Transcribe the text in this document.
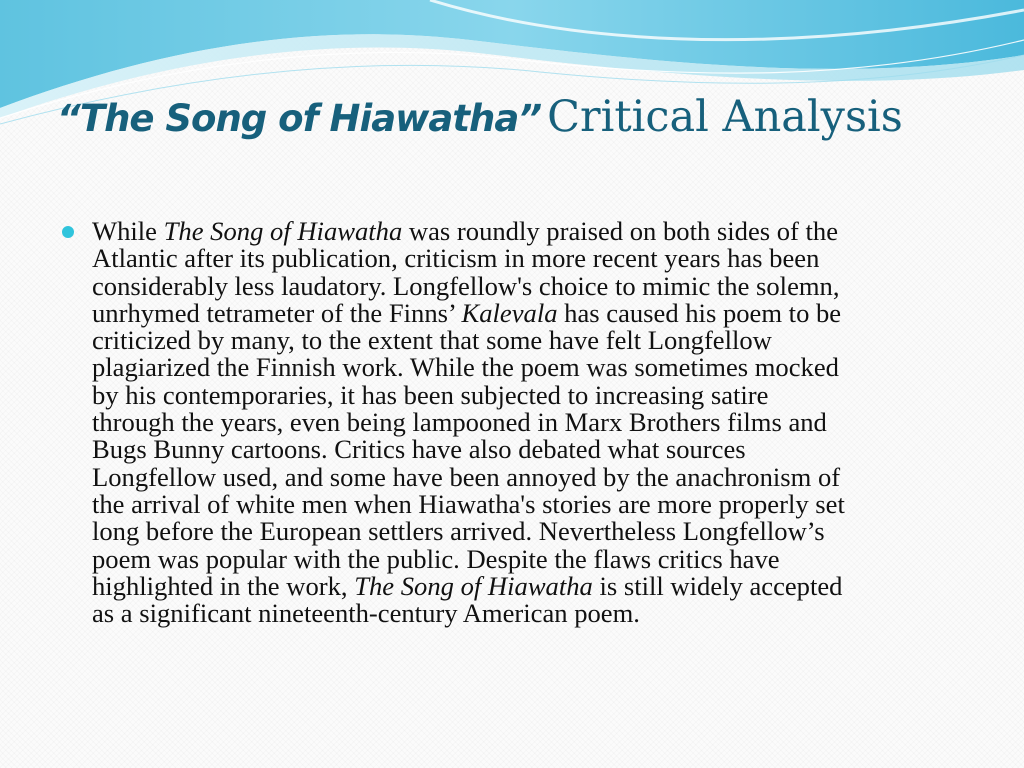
“The Song of Hiawatha” Critical Analysis

While The Song of Hiawatha was roundly praised on both sides of the
Atlantic after its publication, criticism in more recent years has been
considerably less laudatory. Longfellow's choice to mimic the solemn,
unrhymed tetrameter of the Finns’ Kalevala has caused his poem to be
criticized by many, to the extent that some have felt Longfellow
plagiarized the Finnish work. While the poem was sometimes mocked
by his contemporaries, it has been subjected to increasing satire
through the years, even being lampooned in Marx Brothers films and
Bugs Bunny cartoons. Critics have also debated what sources
Longfellow used, and some have been annoyed by the anachronism of
the arrival of white men when Hiawatha's stories are more properly set
long before the European settlers arrived. Nevertheless Longfellow’s
poem was popular with the public. Despite the flaws critics have
highlighted in the work, The Song of Hiawatha is still widely accepted
as a significant nineteenth-century American poem.
